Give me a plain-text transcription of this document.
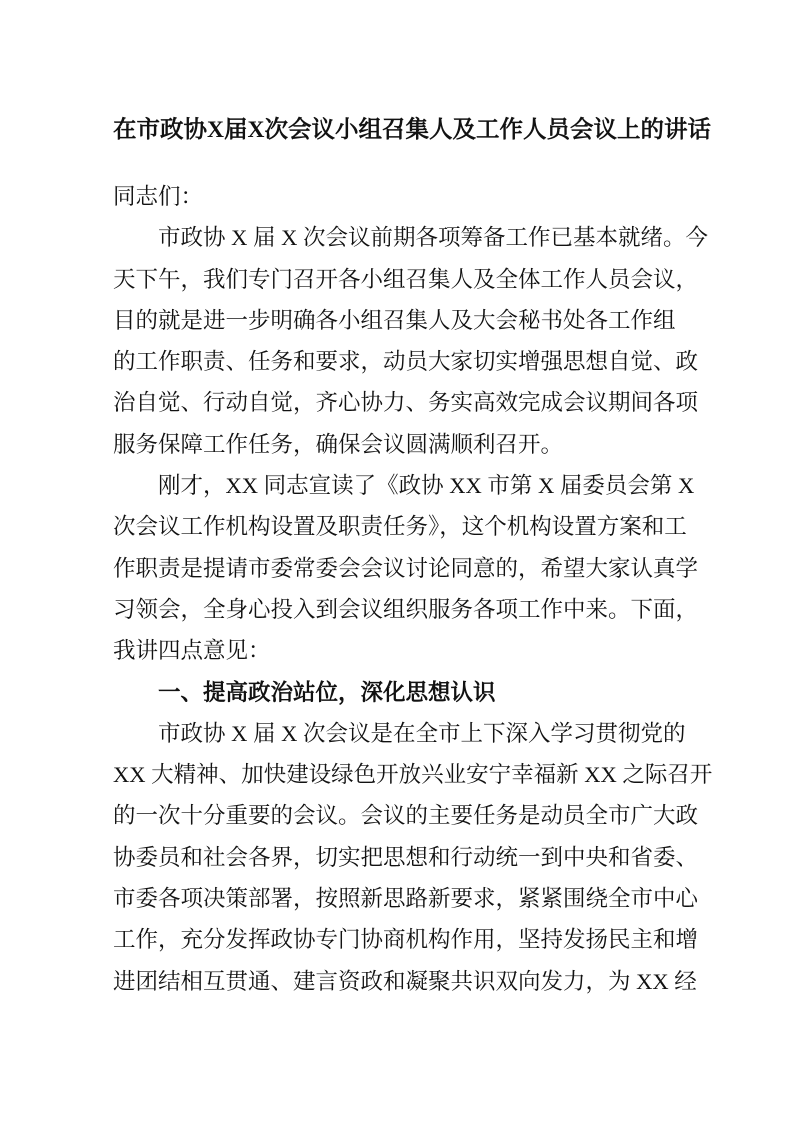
在市政协X届X次会议小组召集人及工作人员会议上的讲话
同志们：
市政协 X 届 X 次会议前期各项筹备工作已基本就绪。今
天下午，我们专门召开各小组召集人及全体工作人员会议，
目的就是进一步明确各小组召集人及大会秘书处各工作组
的工作职责、任务和要求，动员大家切实增强思想自觉、政
治自觉、行动自觉，齐心协力、务实高效完成会议期间各项
服务保障工作任务，确保会议圆满顺利召开。
刚才，XX 同志宣读了《政协 XX 市第 X 届委员会第 X
次会议工作机构设置及职责任务》，这个机构设置方案和工
作职责是提请市委常委会会议讨论同意的，希望大家认真学
习领会，全身心投入到会议组织服务各项工作中来。下面，
我讲四点意见：
一、提高政治站位，深化思想认识
市政协 X 届 X 次会议是在全市上下深入学习贯彻党的
XX 大精神、加快建设绿色开放兴业安宁幸福新 XX 之际召开
的一次十分重要的会议。会议的主要任务是动员全市广大政
协委员和社会各界，切实把思想和行动统一到中央和省委、
市委各项决策部署，按照新思路新要求，紧紧围绕全市中心
工作，充分发挥政协专门协商机构作用，坚持发扬民主和增
进团结相互贯通、建言资政和凝聚共识双向发力，为 XX 经
